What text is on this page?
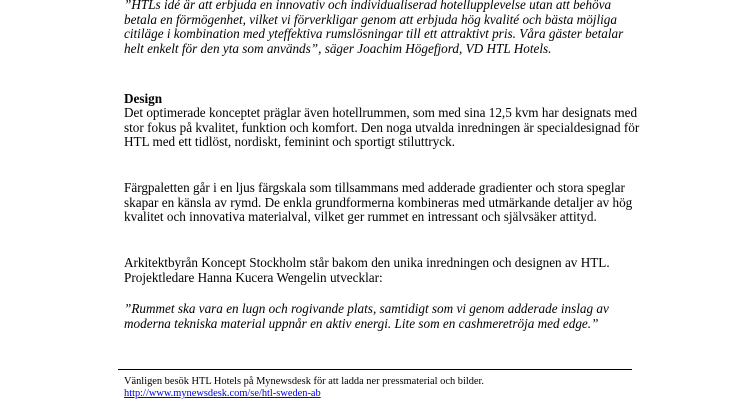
”HTLs idé är att erbjuda en innovativ och individualiserad hotellupplevelse utan att behöva betala en förmögenhet, vilket vi förverkligar genom att erbjuda hög kvalité och bästa möjliga citiläge i kombination med yteffektiva rumslösningar till ett attraktivt pris. Våra gäster betalar helt enkelt för den yta som används”, säger Joachim Högefjord, VD HTL Hotels.

Design

Det optimerade konceptet präglar även hotellrummen, som med sina 12,5 kvm har designats med stor fokus på kvalitet, funktion och komfort. Den noga utvalda inredningen är specialdesignad för HTL med ett tidlöst, nordiskt, feminint och sportigt stiluttryck.

Färgpaletten går i en ljus färgskala som tillsammans med adderade gradienter och stora speglar skapar en känsla av rymd. De enkla grundformerna kombineras med utmärkande detaljer av hög kvalitet och innovativa materialval, vilket ger rummet en intressant och självsäker attityd.

Arkitektbyrån Koncept Stockholm står bakom den unika inredningen och designen av HTL. Projektledare Hanna Kucera Wengelin utvecklar:

”Rummet ska vara en lugn och rogivande plats, samtidigt som vi genom adderade inslag av moderna tekniska material uppnår en aktiv energi. Lite som en cashmeretröja med edge.”

Vänligen besök HTL Hotels på Mynewsdesk för att ladda ner pressmaterial och bilder.

http://www.mynewsdesk.com/se/htl-sweden-ab
